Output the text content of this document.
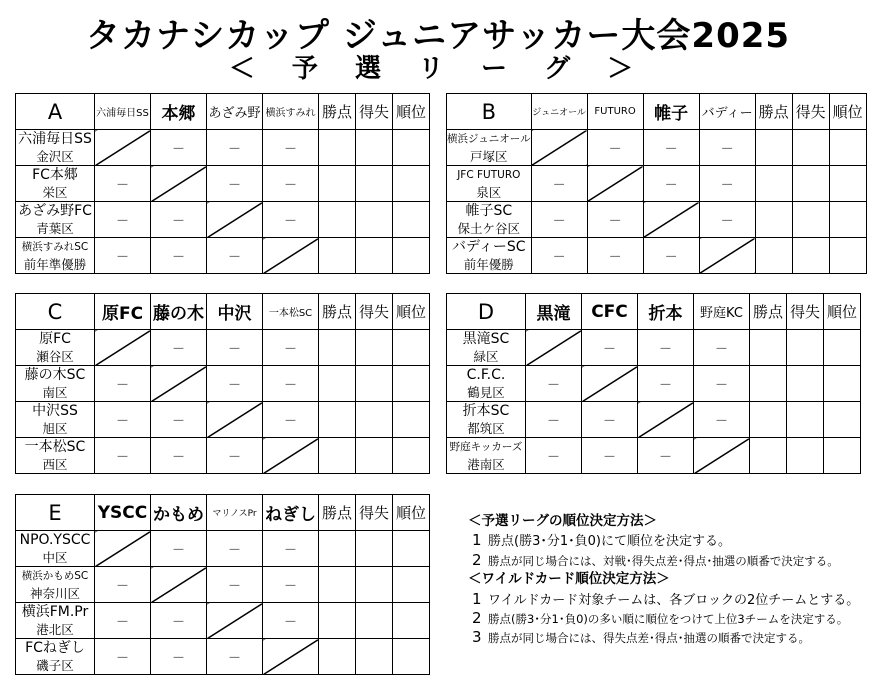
タカナシカップ ジュニアサッカー大会2025
＜ 予 選 リ ー グ ＞
A	六浦毎日SS	本郷	あざみ野	横浜すみれ	勝点	得失	順位

六浦毎日SS
金沢区		－	－	－			

FC本郷
栄区	－		－	－			

あざみ野FC
青葉区	－	－		－			

横浜すみれSC
前年準優勝	－	－	－				
B	ジュニオール	FUTURO	帷子	バディー	勝点	得失	順位

横浜ジュニオール
戸塚区		－	－	－			

JFC FUTURO
泉区	－		－	－			

帷子SC
保土ケ谷区	－	－		－			

バディーSC
前年優勝	－	－	－				
C	原FC	藤の木	中沢	一本松SC	勝点	得失	順位

原FC
瀬谷区		－	－	－			

藤の木SC
南区	－		－	－			

中沢SS
旭区	－	－		－			

一本松SC
西区	－	－	－				
D	黒滝	CFC	折本	野庭KC	勝点	得失	順位

黒滝SC
緑区		－	－	－			

C.F.C.
鶴見区	－		－	－			

折本SC
都筑区	－	－		－			

野庭キッカーズ
港南区	－	－	－				
E	YSCC	かもめ	マリノスPr	ねぎし	勝点	得失	順位

NPO.YSCC
中区		－	－	－			

横浜かもめSC
神奈川区	－		－	－			

横浜FM.Pr
港北区	－	－		－			

FCねぎし
磯子区	－	－	－				
＜予選リーグの順位決定方法＞
1 勝点(勝3･分1･負0)にて順位を決定する。
2 勝点が同じ場合には、対戦･得失点差･得点･抽選の順番で決定する。
＜ワイルドカード順位決定方法＞
1 ワイルドカード対象チームは、各ブロックの2位チームとする。
2 勝点(勝3･分1･負0)の多い順に順位をつけて上位3チームを決定する。
3 勝点が同じ場合には、得失点差･得点･抽選の順番で決定する。
